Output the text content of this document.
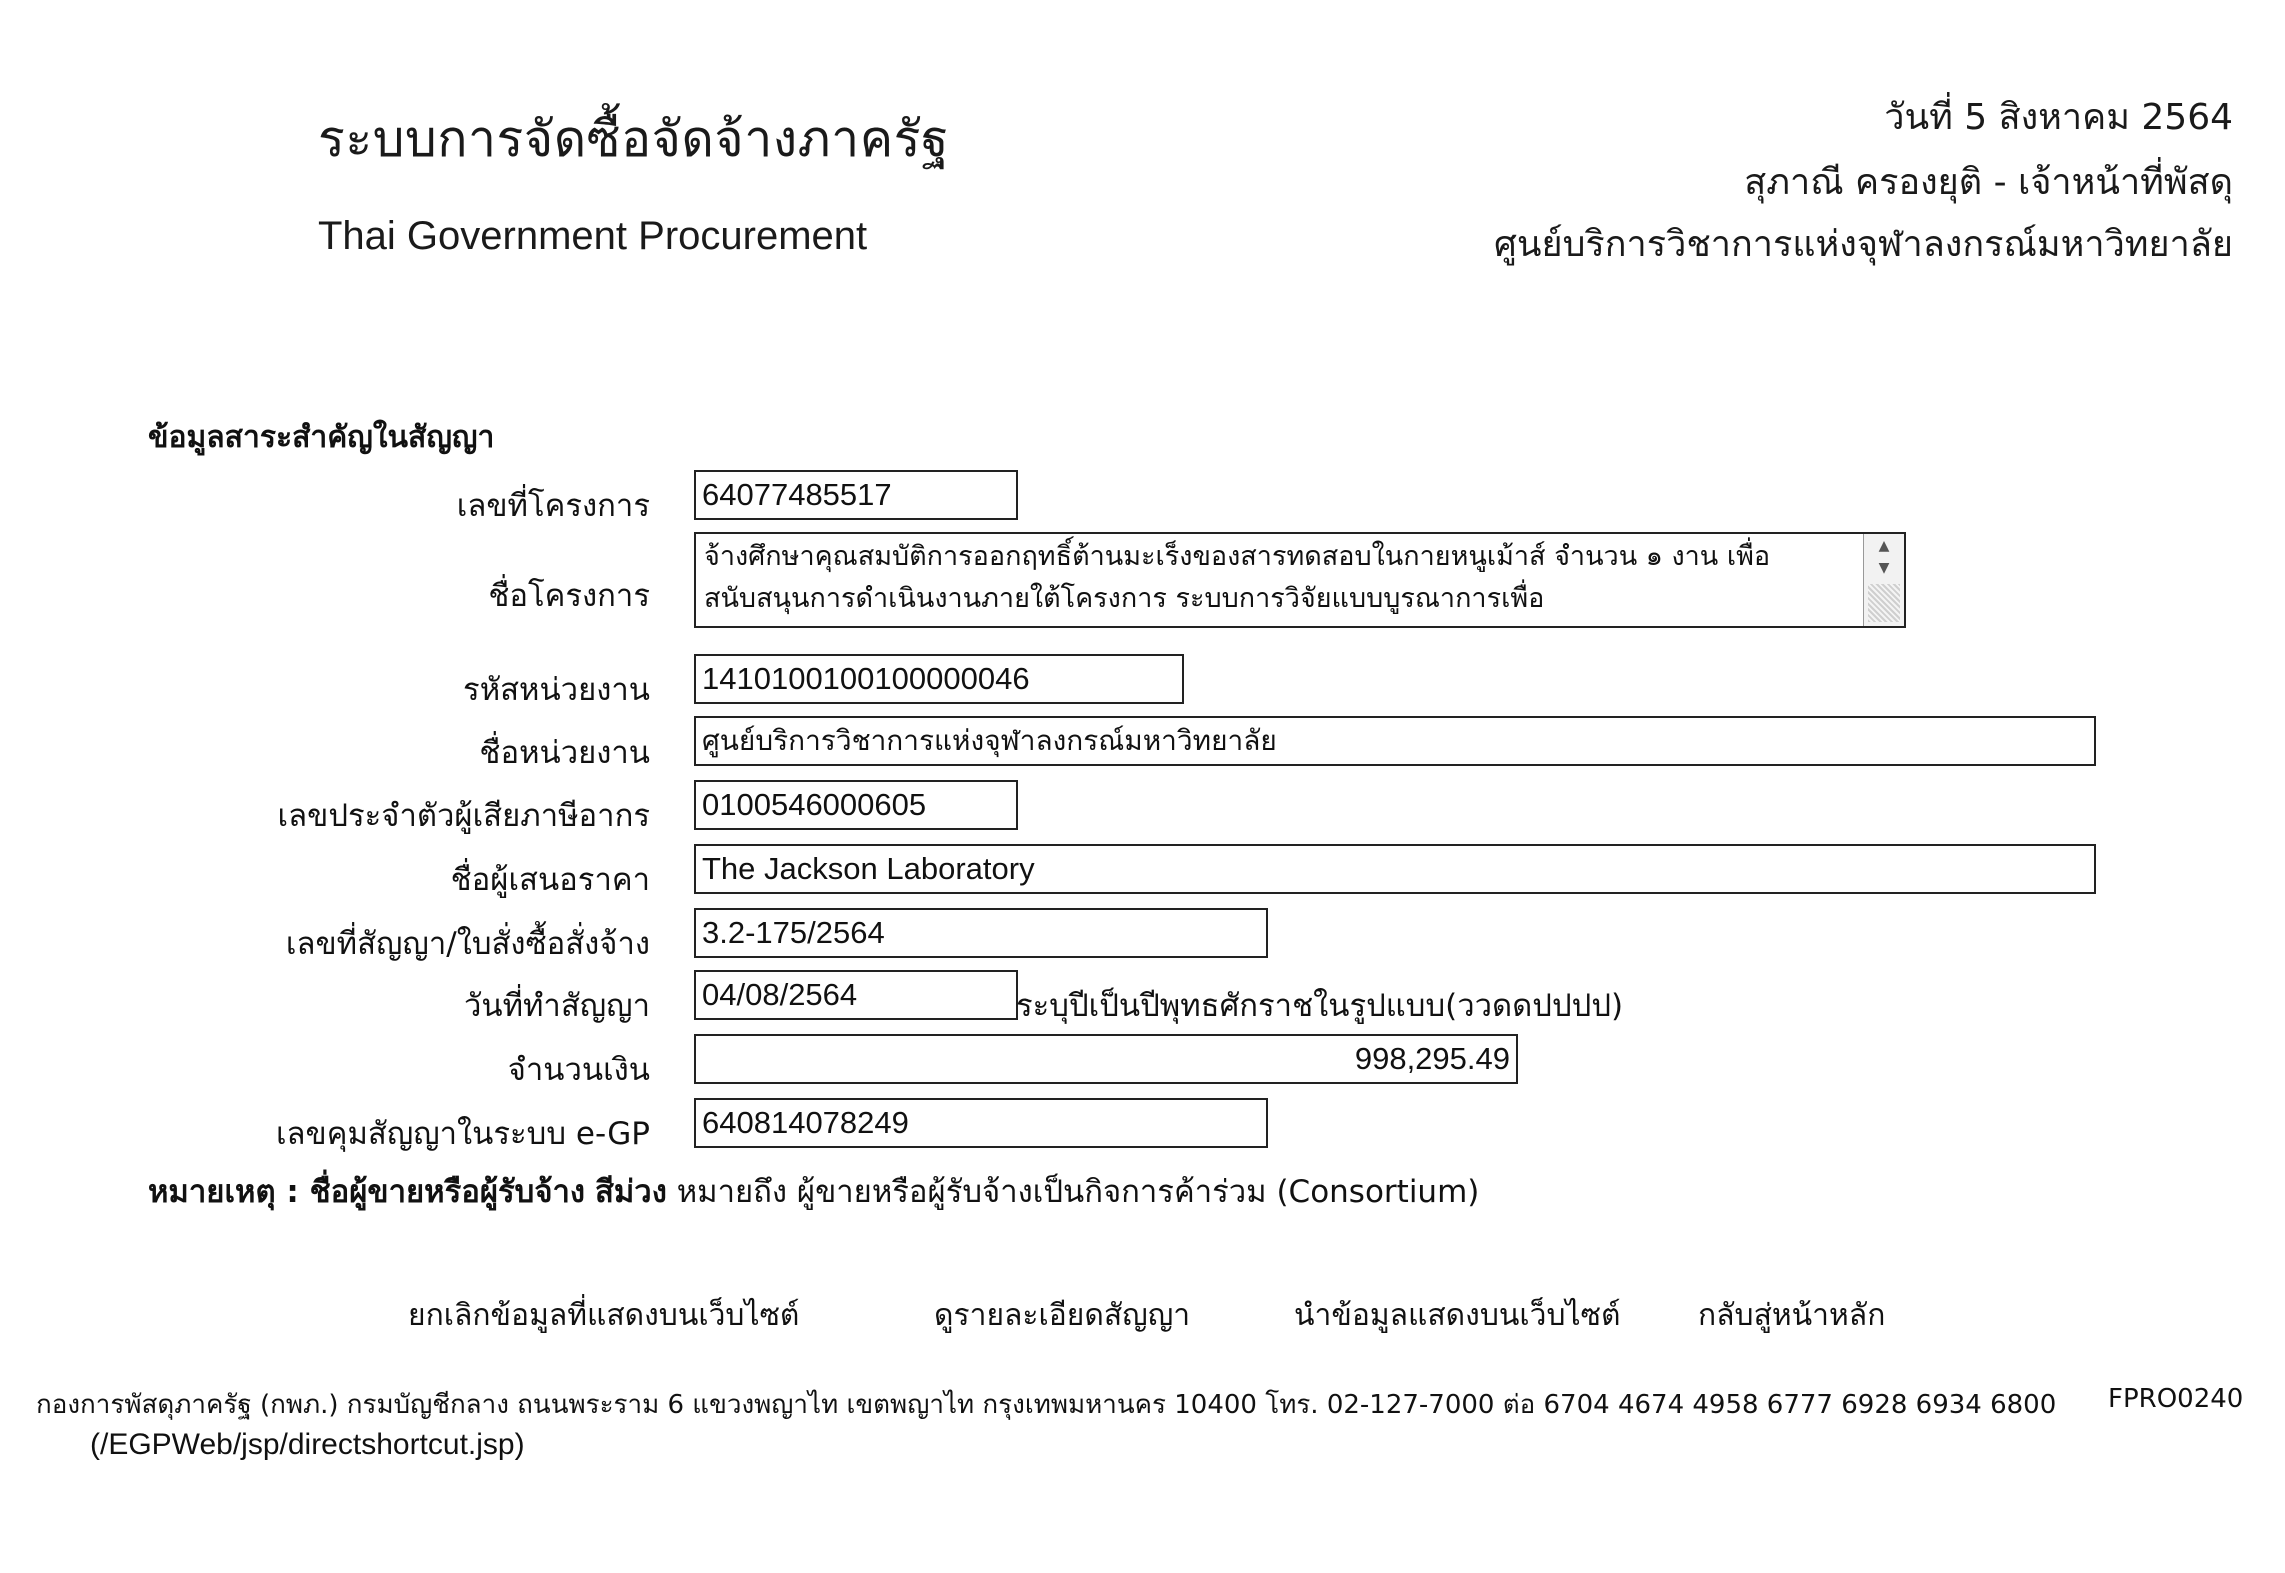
ระบบการจัดซื้อจัดจ้างภาครัฐ
Thai Government Procurement
วันที่ 5 สิงหาคม 2564
สุภาณี ครองยุติ - เจ้าหน้าที่พัสดุ
ศูนย์บริการวิชาการแห่งจุฬาลงกรณ์มหาวิทยาลัย
ข้อมูลสาระสำคัญในสัญญา
เลขที่โครงการ 64077485517
ชื่อโครงการ
จ้างศึกษาคุณสมบัติการออกฤทธิ์ต้านมะเร็งของสารทดสอบในกายหนูเม้าส์ จำนวน ๑ งาน เพื่อสนับสนุนการดำเนินงานภายใต้โครงการ ระบบการวิจัยแบบบูรณาการเพื่อ
▲
▼
รหัสหน่วยงาน 1410100100100000046
ชื่อหน่วยงาน ศูนย์บริการวิชาการแห่งจุฬาลงกรณ์มหาวิทยาลัย
เลขประจำตัวผู้เสียภาษีอากร 0100546000605
ชื่อผู้เสนอราคา The Jackson Laboratory
เลขที่สัญญา/ใบสั่งซื้อสั่งจ้าง 3.2-175/2564
วันที่ทำสัญญา 04/08/2564	ระบุปีเป็นปีพุทธศักราชในรูปแบบ(ววดดปปปป)
จำนวนเงิน	998,295.49
เลขคุมสัญญาในระบบ e-GP 640814078249
หมายเหตุ : ชื่อผู้ขายหรือผู้รับจ้าง สีม่วง หมายถึง ผู้ขายหรือผู้รับจ้างเป็นกิจการค้าร่วม (Consortium)
ยกเลิกข้อมูลที่แสดงบนเว็บไซต์	ดูรายละเอียดสัญญา	นำข้อมูลแสดงบนเว็บไซต์	กลับสู่หน้าหลัก
กองการพัสดุภาครัฐ (กพภ.) กรมบัญชีกลาง ถนนพระราม 6 แขวงพญาไท เขตพญาไท กรุงเทพมหานคร 10400 โทร. 02-127-7000 ต่อ 6704 4674 4958 6777 6928 6934 6800 FPRO0240
(/EGPWeb/jsp/directshortcut.jsp)
